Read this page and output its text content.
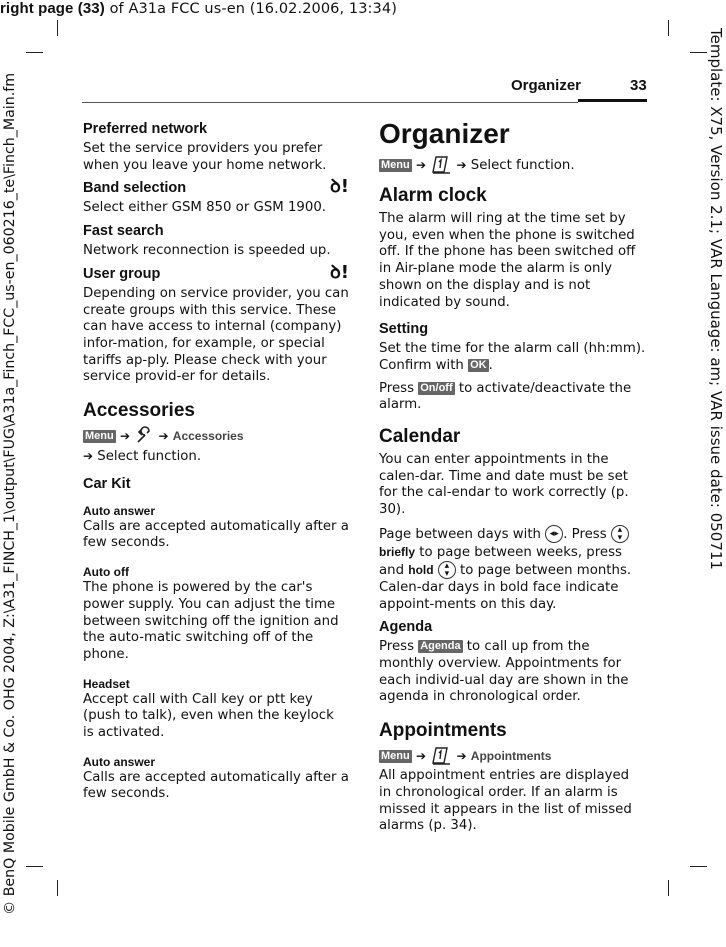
right page (33) of A31a FCC us-en (16.02.2006, 13:34)
© BenQ Mobile GmbH & Co. OHG 2004, Z:\A31_FINCH_1\output\FUG\A31a_Finch_FCC_us-en_060216_te\Finch_Main.fm	Template: X75, Version 2.1; VAR Language: am; VAR issue date: 050711
Organizer	33
Preferred network

Set the service providers you prefer when you leave your home network.

Band selection	ꝺ!

Select either GSM 850 or GSM 1900.

Fast search

Network reconnection is speeded up.

User group	ꝺ!

Depending on service provider, you can create groups with this service. These can have access to internal (company) infor-mation, for example, or special tariffs ap-ply. Please check with your service provid-er for details.

Accessories
Menu ➔ ➔ Accessories

➔ Select function.

Car Kit
Auto answer

Calls are accepted automatically after a few seconds.

Auto off

The phone is powered by the car's power supply. You can adjust the time between switching off the ignition and the auto-matic switching off of the phone.

Headset

Accept call with Call key or ptt key
(push to talk), even when the keylock
is activated.

Auto answer

Calls are accepted automatically after a few seconds.

Organizer

Menu ➔	➔ Select function.

Alarm clock

The alarm will ring at the time set by you, even when the phone is switched off. If the phone has been switched off in Air-plane mode the alarm is only shown on the display and is not indicated by sound.

Setting

Set the time for the alarm call (hh:mm). Confirm with OK .

Press On/off to activate/deactivate the alarm.

Calendar

You can enter appointments in the calen-dar. Time and date must be set for the cal-endar to work correctly (p. 30).

Page between days with ◂▸ . Press ▴
▾ briefly to page between weeks, press and hold ▴
▾ to page between months. Calen-dar days in bold face indicate appoint-ments on this day.

Agenda

Press Agenda to call up from the monthly overview. Appointments for each individ-ual day are shown in the agenda in chronological order.

Appointments
Menu ➔	➔ Appointments

All appointment entries are displayed
in chronological order. If an alarm is
missed it appears in the list of missed
alarms (p. 34).
